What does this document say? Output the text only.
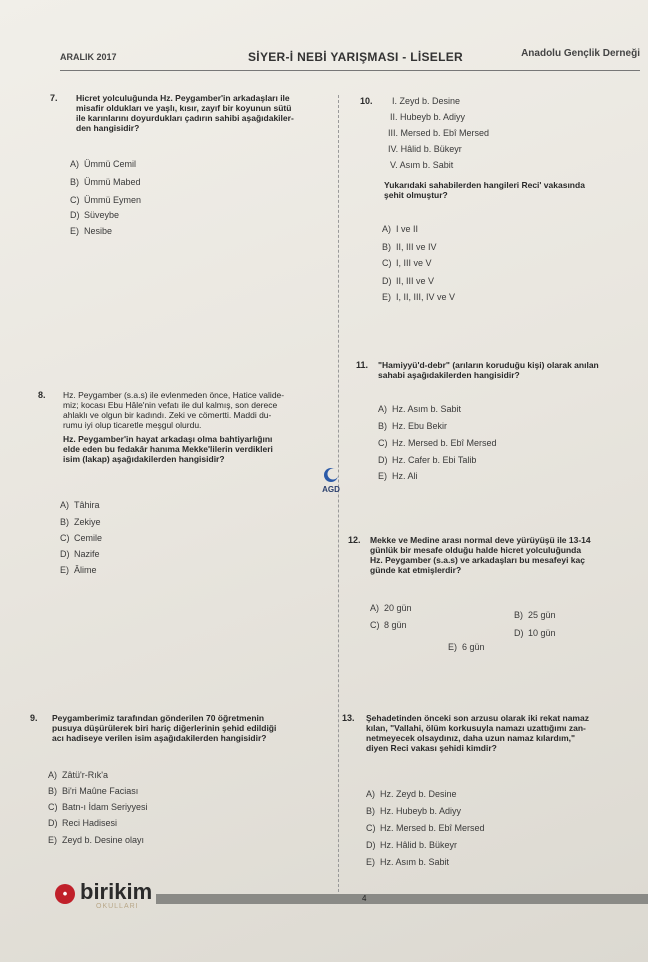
ARALIK 2017	SİYER-İ NEBİ YARIŞMASI - LİSELER	Anadolu Gençlik Derneği
7. Hicret yolculuğunda Hz. Peygamber'in arkadaşları ile
misafir oldukları ve yaşlı, kısır, zayıf bir koyunun sütü
ile karınlarını doyurdukları çadırın sahibi aşağıdakiler-
den hangisidir?
A) Ümmü Cemil
B) Ümmü Mabed
C) Ümmü Eymen
D) Süveybe
E) Nesibe
8. Hz. Peygamber (s.a.s) ile evlenmeden önce, Hatice valide-
miz; kocası Ebu Hâle'nin vefatı ile dul kalmış, son derece
ahlaklı ve olgun bir kadındı. Zeki ve cömertti. Maddi du-
rumu iyi olup ticaretle meşgul olurdu.
Hz. Peygamber'in hayat arkadaşı olma bahtiyarlığını
elde eden bu fedakâr hanıma Mekke'lilerin verdikleri
isim (lakap) aşağıdakilerden hangisidir?
A) Tâhira
B) Zekiye
C) Cemile
D) Nazife
E) Âlime
9. Peygamberimiz tarafından gönderilen 70 öğretmenin
pusuya düşürülerek biri hariç diğerlerinin şehid edildiği
acı hadiseye verilen isim aşağıdakilerden hangisidir?
A) Zâtü'r-Rık'a
B) Bi'ri Maûne Faciası
C) Batn-ı İdam Seriyyesi
D) Reci Hadisesi
E) Zeyd b. Desine olayı
10. I. Zeyd b. Desine
II. Hubeyb b. Adiyy
III. Mersed b. Ebî Mersed
IV. Hâlid b. Bükeyr
V. Asım b. Sabit
Yukarıdaki sahabilerden hangileri Reci' vakasında
şehit olmuştur?
A) I ve II
B) II, III ve IV
C) I, III ve V
D) II, III ve V
E) I, II, III, IV ve V
11. "Hamiyyü'd-debr" (arıların koruduğu kişi) olarak anılan
sahabi aşağıdakilerden hangisidir?
A) Hz. Asım b. Sabit
B) Hz. Ebu Bekir
C) Hz. Mersed b. Ebî Mersed
D) Hz. Cafer b. Ebi Talib
E) Hz. Ali
12. Mekke ve Medine arası normal deve yürüyüşü ile 13-14
günlük bir mesafe olduğu halde hicret yolculuğunda
Hz. Peygamber (s.a.s) ve arkadaşları bu mesafeyi kaç
günde kat etmişlerdir?
A) 20 gün
B) 25 gün
C) 8 gün
D) 10 gün
E) 6 gün
13. Şehadetinden önceki son arzusu olarak iki rekat namaz
kılan, "Vallahi, ölüm korkusuyla namazı uzattığımı zan-
netmeyecek olsaydınız, daha uzun namaz kılardım,"
diyen Reci vakası şehidi kimdir?
A) Hz. Zeyd b. Desine
B) Hz. Hubeyb b. Adiyy
C) Hz. Mersed b. Ebî Mersed
D) Hz. Hâlid b. Bükeyr
E) Hz. Asım b. Sabit
AGD
• birikim
OKULLARI
4
